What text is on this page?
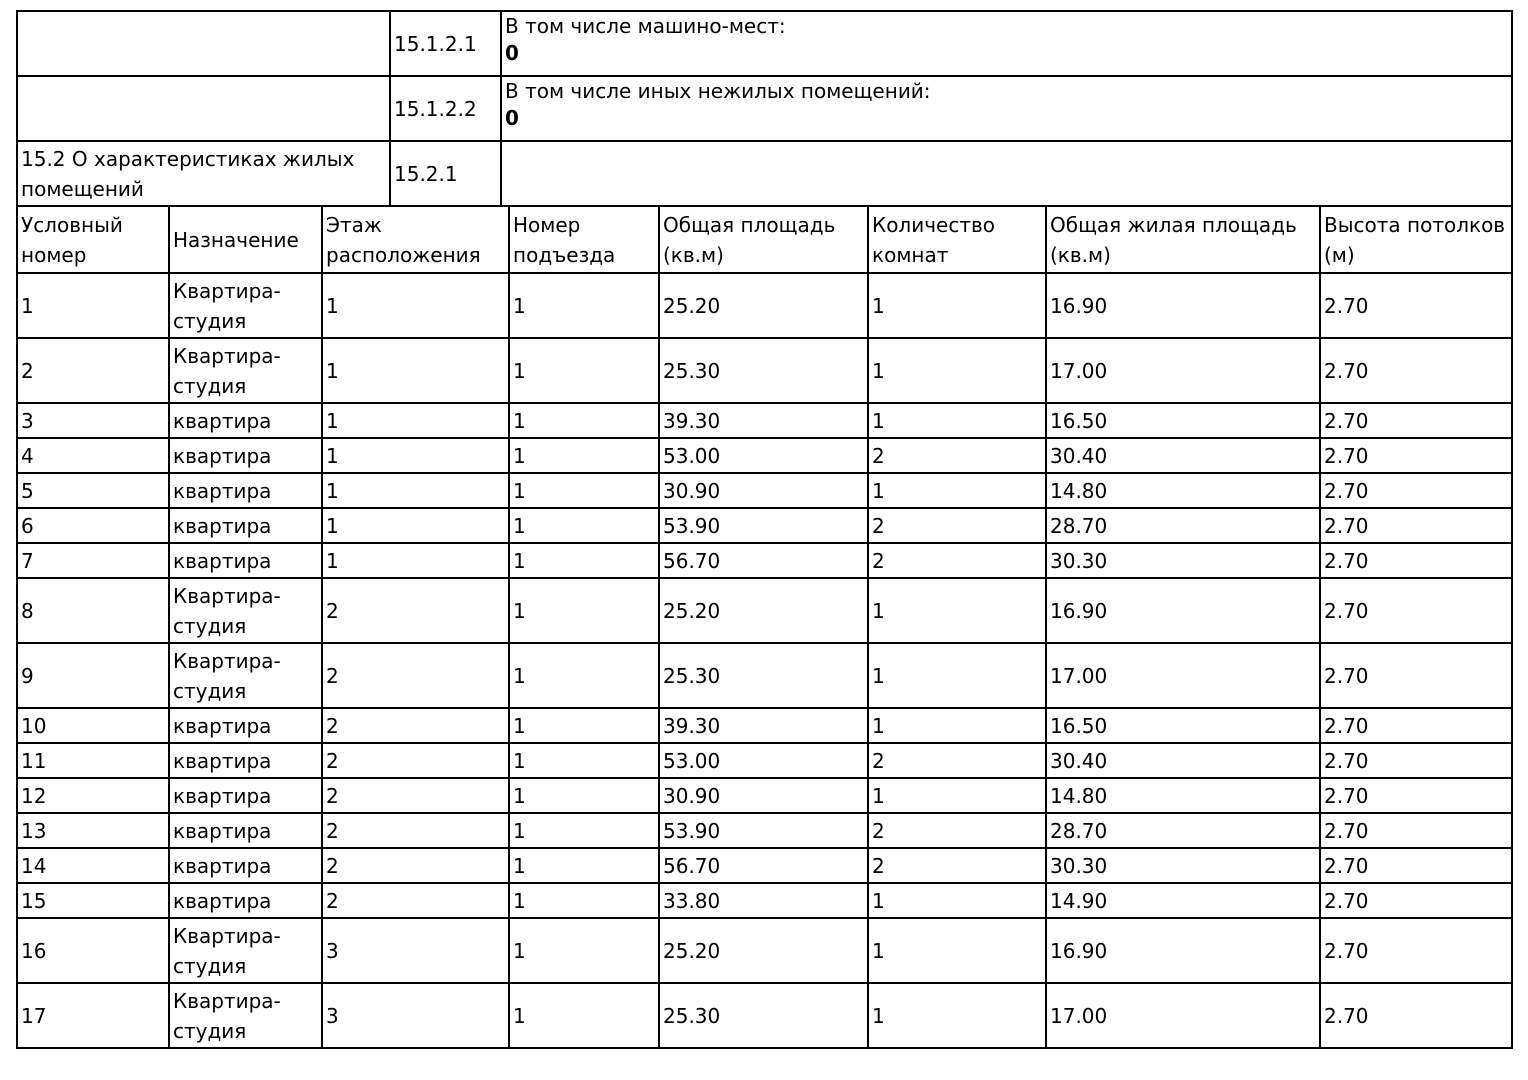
	15.1.2.1	В том числе машино-мест:
0

	15.1.2.2	В том числе иных нежилых помещений:
0

15.2 О характеристиках жилых помещений	15.2.1	
Условный номер	Назначение	Этаж расположения	Номер подъезда	Общая площадь (кв.м)	Количество комнат	Общая жилая площадь (кв.м)	Высота потолков (м)
1	Квартира-студия	1	1	25.20	1	16.90	2.70
2	Квартира-студия	1	1	25.30	1	17.00	2.70
3	квартира	1	1	39.30	1	16.50	2.70
4	квартира	1	1	53.00	2	30.40	2.70
5	квартира	1	1	30.90	1	14.80	2.70
6	квартира	1	1	53.90	2	28.70	2.70
7	квартира	1	1	56.70	2	30.30	2.70
8	Квартира-студия	2	1	25.20	1	16.90	2.70
9	Квартира-студия	2	1	25.30	1	17.00	2.70
10	квартира	2	1	39.30	1	16.50	2.70
11	квартира	2	1	53.00	2	30.40	2.70
12	квартира	2	1	30.90	1	14.80	2.70
13	квартира	2	1	53.90	2	28.70	2.70
14	квартира	2	1	56.70	2	30.30	2.70
15	квартира	2	1	33.80	1	14.90	2.70
16	Квартира-студия	3	1	25.20	1	16.90	2.70
17	Квартира-студия	3	1	25.30	1	17.00	2.70
